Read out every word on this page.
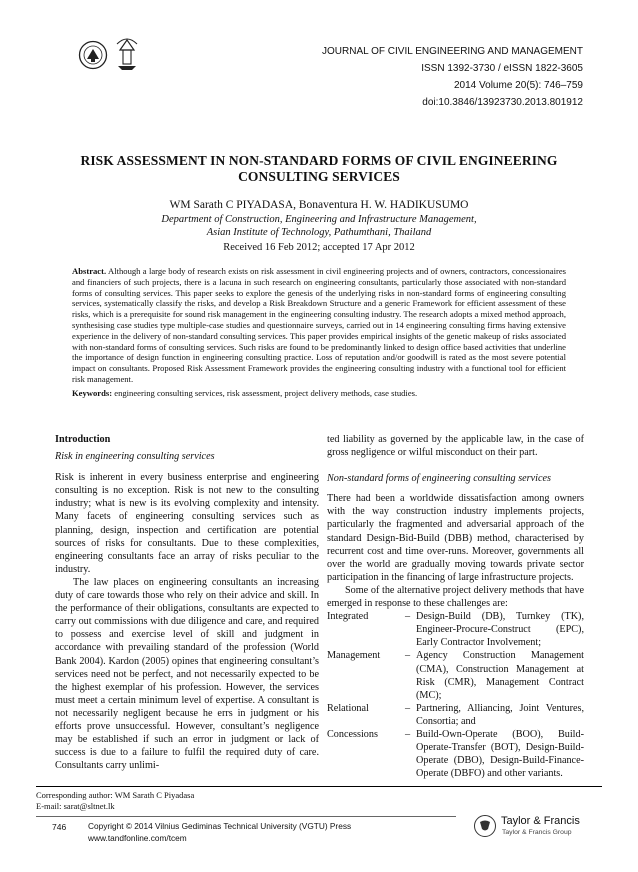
JOURNAL OF CIVIL ENGINEERING AND MANAGEMENT
ISSN 1392-3730 / eISSN 1822-3605
2014 Volume 20(5): 746–759
doi:10.3846/13923730.2013.801912
RISK ASSESSMENT IN NON-STANDARD FORMS OF CIVIL ENGINEERING
CONSULTING SERVICES
WM Sarath C PIYADASA, Bonaventura H. W. HADIKUSUMO
Department of Construction, Engineering and Infrastructure Management,
Asian Institute of Technology, Pathumthani, Thailand
Received 16 Feb 2012; accepted 17 Apr 2012
Abstract. Although a large body of research exists on risk assessment in civil engineering projects and of owners, contractors, concessionaires and financiers of such projects, there is a lacuna in such research on engineering consultants, particularly those associated with non-standard forms of consulting services. This paper seeks to explore the genesis of the underlying risks in non-standard forms of engineering consulting services, systematically classify the risks, and develop a Risk Breakdown Structure and a generic Framework for efficient assessment of these risks, which is a prerequisite for sound risk management in the engineering consulting industry. The research adopts a mixed method approach, synthesising case studies type multiple-case studies and questionnaire surveys, carried out in 14 engineering consulting firms having extensive experience in the delivery of non-standard consulting services. This paper provides empirical insights of the genetic makeup of risks associated with non-standard forms of consulting services. Such risks are found to be predominantly linked to design office based activities that underline the importance of design function in engineering consulting practice. Loss of reputation and/or goodwill is rated as the most severe potential impact on consultants. Proposed Risk Assessment Framework provides the engineering consulting industry with a functional tool for efficient risk management.
Keywords: engineering consulting services, risk assessment, project delivery methods, case studies.

Introduction

Risk in engineering consulting services

Risk is inherent in every business enterprise and engineering consulting is no exception. Risk is not new to the consulting industry; what is new is its evolving complexity and intensity. Many facets of engineering consulting services such as planning, design, inspection and certification are potential sources of risks for consultants. Due to these complexities, engineering consultants face an array of risks peculiar to the industry.

The law places on engineering consultants an increasing duty of care towards those who rely on their advice and skill. In the performance of their obligations, consultants are expected to carry out commissions with due diligence and care, and required to possess and exercise level of skill and judgment in accordance with prevailing standard of the profession (World Bank 2004). Kardon (2005) opines that engineering consultant’s services need not be perfect, and not necessarily expected to be the highest exemplar of his profession. However, the services must meet a certain minimum level of expertise. A consultant is not necessarily negligent because he errs in judgment or his efforts prove unsuccessful. However, consultant’s negligence may be established if such an error in judgment or lack of success is due to a failure to fulfil the required duty of care. Consultants carry unlimi-

ted liability as governed by the applicable law, in the case of gross negligence or wilful misconduct on their part.

Non-standard forms of engineering consulting services

There had been a worldwide dissatisfaction among owners with the way construction industry implements projects, particularly the fragmented and adversarial approach of the standard Design-Bid-Build (DBB) method, characterised by recurrent cost and time over-runs. Moreover, governments all over the world are gradually moving towards private sector participation in the financing of large infrastructure projects.

Some of the alternative project delivery methods that have emerged in response to these challenges are:

Integrated	– Design-Build (DB), Turnkey (TK), Engineer-Procure-Construct (EPC), Early Contractor Involvement;
Management	– Agency Construction Management (CMA), Construction Management at Risk (CMR), Management Contract (MC);
Relational	– Partnering, Alliancing, Joint Ventures, Consortia; and
Concessions	– Build-Own-Operate (BOO), Build-Operate-Transfer (BOT), Design-Build-Operate (DBO), Design-Build-Finance-Operate (DBFO) and other variants.
Corresponding author: WM Sarath C Piyadasa
E-mail: sarat@sltnet.lk
746	Copyright © 2014 Vilnius Gediminas Technical University (VGTU) Press
www.tandfonline.com/tcem
Taylor & Francis
Taylor & Francis Group
